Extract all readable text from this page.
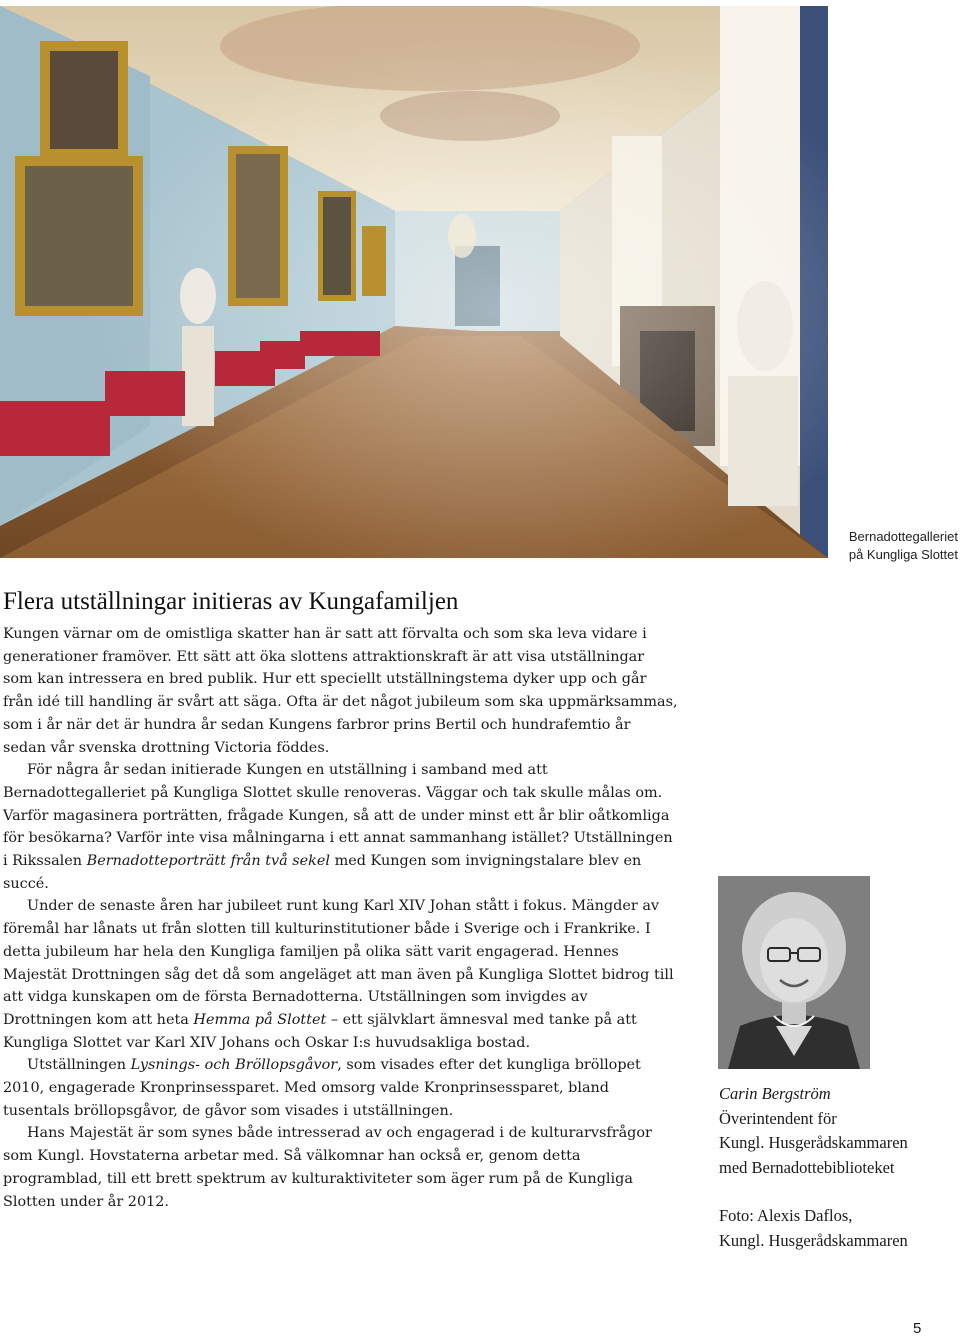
Bernadottegalleriet
på Kungliga Slottet
Flera utställningar initieras av Kungafamiljen

Kungen värnar om de omistliga skatter han är satt att förvalta och som ska leva vidare i generationer framöver. Ett sätt att öka slottens attraktionskraft är att visa utställningar som kan intressera en bred publik. Hur ett speciellt utställningstema dyker upp och går från idé till handling är svårt att säga. Ofta är det något jubileum som ska uppmärksammas, som i år när det är hundra år sedan Kungens farbror prins Bertil och hundrafemtio år sedan vår svenska drottning Victoria föddes.

För några år sedan initierade Kungen en utställning i samband med att Bernadottegalleriet på Kungliga Slottet skulle renoveras. Väggar och tak skulle målas om. Varför magasinera porträtten, frågade Kungen, så att de under minst ett år blir oåtkomliga för besökarna? Varför inte visa målningarna i ett annat sammanhang istället? Utställningen i Rikssalen Bernadotteporträtt från två sekel med Kungen som invigningstalare blev en succé.

Under de senaste åren har jubileet runt kung Karl XIV Johan stått i fokus. Mängder av föremål har lånats ut från slotten till kulturinstitutioner både i Sverige och i Frankrike. I detta jubileum har hela den Kungliga familjen på olika sätt varit engagerad. Hennes Majestät Drottningen såg det då som angeläget att man även på Kungliga Slottet bidrog till att vidga kunskapen om de första Bernadotterna. Utställningen som invigdes av Drottningen kom att heta Hemma på Slottet – ett självklart ämnesval med tanke på att Kungliga Slottet var Karl XIV Johans och Oskar I:s huvudsakliga bostad.

Utställningen Lysnings- och Bröllopsgåvor, som visades efter det kungliga bröllopet 2010, engagerade Kronprinsessparet. Med omsorg valde Kronprinsessparet, bland tusentals bröllopsgåvor, de gåvor som visades i utställningen.

Hans Majestät är som synes både intresserad av och engagerad i de kulturarvsfrågor som Kungl. Hovstaterna arbetar med. Så välkomnar han också er, genom detta programblad, till ett brett spektrum av kulturaktiviteter som äger rum på de Kungliga Slotten under år 2012.

Carin Bergström
Överintendent för
Kungl. Husgerådskammaren
med Bernadottebiblioteket
Foto: Alexis Daflos,
Kungl. Husgerådskammaren
5
